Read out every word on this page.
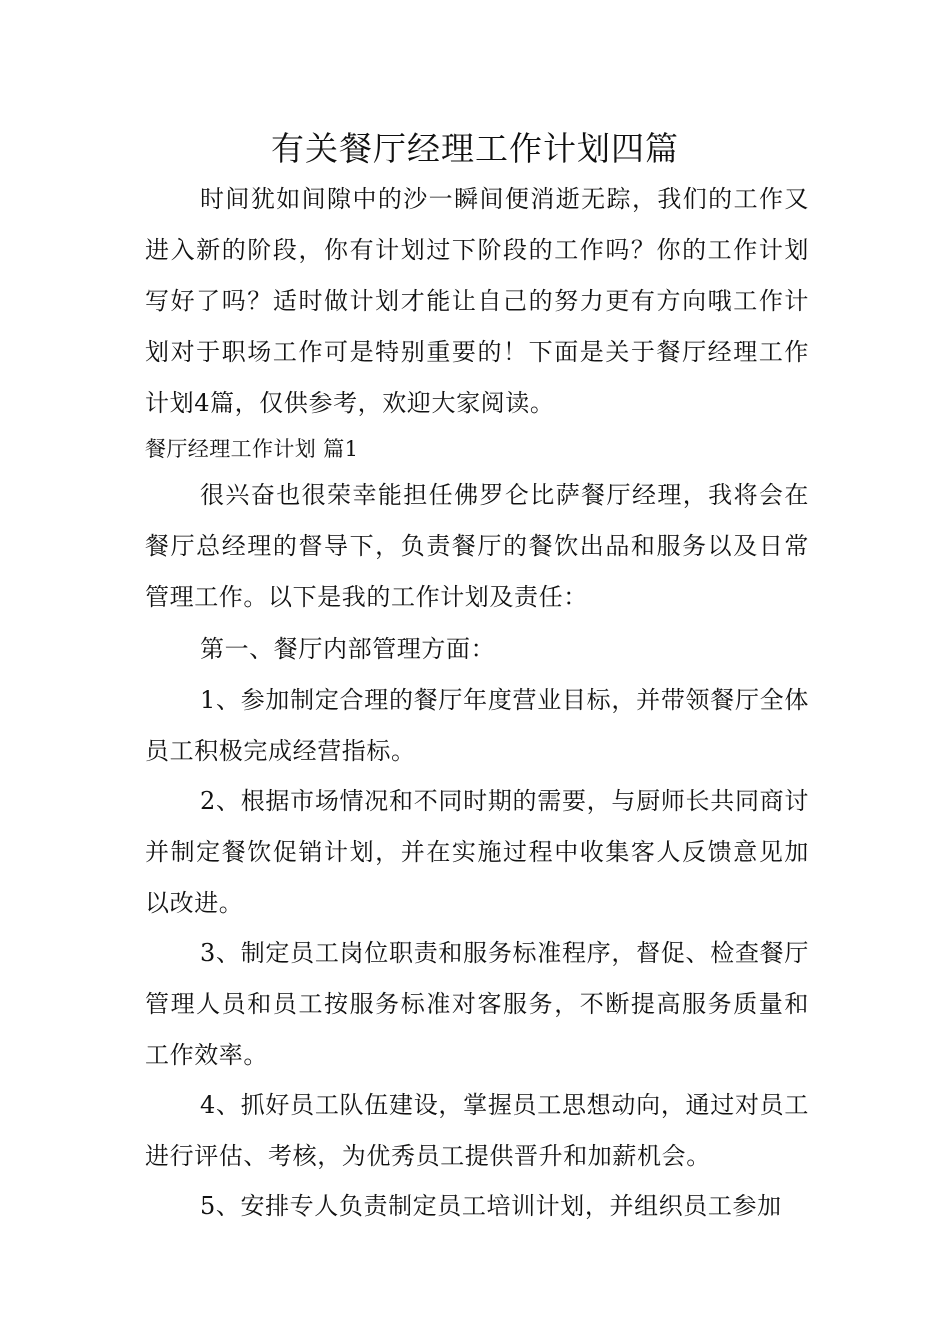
有关餐厅经理工作计划四篇

时间犹如间隙中的沙一瞬间便消逝无踪，我们的工作又进入新的阶段，你有计划过下阶段的工作吗？你的工作计划写好了吗？适时做计划才能让自己的努力更有方向哦工作计划对于职场工作可是特别重要的！下面是关于餐厅经理工作计划4篇，仅供参考，欢迎大家阅读。

餐厅经理工作计划 篇1

很兴奋也很荣幸能担任佛罗仑比萨餐厅经理，我将会在餐厅总经理的督导下，负责餐厅的餐饮出品和服务以及日常管理工作。以下是我的工作计划及责任：

第一、餐厅内部管理方面：

1、参加制定合理的餐厅年度营业目标，并带领餐厅全体员工积极完成经营指标。

2、根据市场情况和不同时期的需要，与厨师长共同商讨并制定餐饮促销计划，并在实施过程中收集客人反馈意见加以改进。

3、制定员工岗位职责和服务标准程序，督促、检查餐厅管理人员和员工按服务标准对客服务，不断提高服务质量和工作效率。

4、抓好员工队伍建设，掌握员工思想动向，通过对员工进行评估、考核，为优秀员工提供晋升和加薪机会。

5、安排专人负责制定员工培训计划，并组织员工参加
